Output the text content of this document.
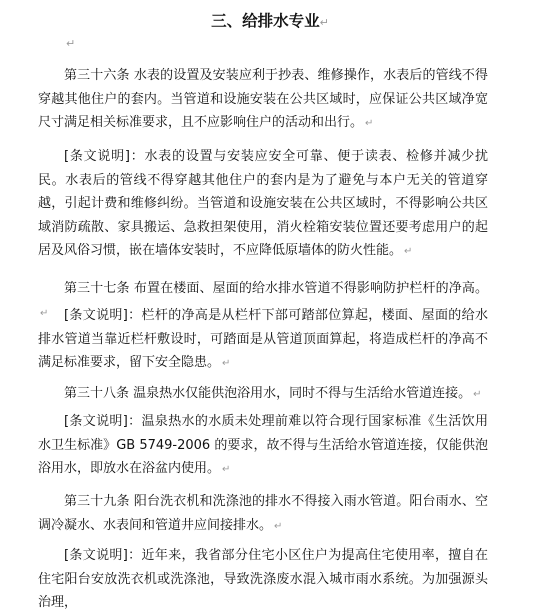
三、给排水专业↵
↵

第三十六条 水表的设置及安装应利于抄表、维修操作，水表后的管线不得穿越其他住户的套内。当管道和设施安装在公共区域时，应保证公共区域净宽尺寸满足相关标准要求，且不应影响住户的活动和出行。 ↵

[条文说明]：水表的设置与安装应安全可靠、便于读表、检修并减少扰民。水表后的管线不得穿越其他住户的套内是为了避免与本户无关的管道穿越，引起计费和维修纠纷。当管道和设施安装在公共区域时，不得影响公共区域消防疏散、家具搬运、急救担架使用，消火栓箱安装位置还要考虑用户的起居及风俗习惯，嵌在墙体安装时，不应降低原墙体的防火性能。 ↵

第三十七条 布置在楼面、屋面的给水排水管道不得影响防护栏杆的净高。↵	[条文说明]：栏杆的净高是从栏杆下部可踏部位算起，楼面、屋面的给水排水管道当靠近栏杆敷设时，可踏面是从管道顶面算起，将造成栏杆的净高不满足标准要求，留下安全隐患。 ↵

第三十八条 温泉热水仅能供泡浴用水，同时不得与生活给水管道连接。 ↵

[条文说明]：温泉热水的水质未处理前难以符合现行国家标准《生活饮用水卫生标准》GB 5749-2006 的要求，故不得与生活给水管道连接，仅能供泡浴用水，即放水在浴盆内使用。 ↵

第三十九条 阳台洗衣机和洗涤池的排水不得接入雨水管道。阳台雨水、空调冷凝水、水表间和管道井应间接排水。 ↵

[条文说明]：近年来，我省部分住宅小区住户为提高住宅使用率，擅自在住宅阳台安放洗衣机或洗涤池，导致洗涤废水混入城市雨水系统。为加强源头治理，
